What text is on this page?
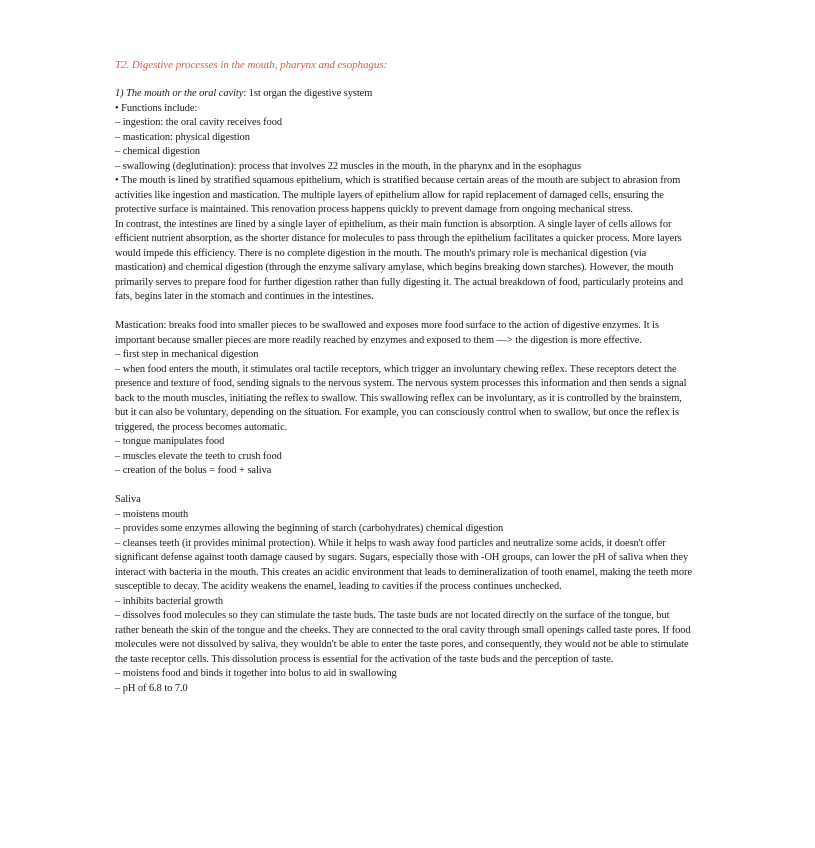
T2. Digestive processes in the mouth, pharynx and esophagus:

1) The mouth or the oral cavity: 1st organ the digestive system

• Functions include:

– ingestion: the oral cavity receives food

– mastication: physical digestion

– chemical digestion

– swallowing (deglutination): process that involves 22 muscles in the mouth, in the pharynx and in the esophagus

• The mouth is lined by stratified squamous epithelium, which is stratified because certain areas of the mouth are subject to abrasion from activities like ingestion and mastication. The multiple layers of epithelium allow for rapid replacement of damaged cells, ensuring the protective surface is maintained. This renovation process happens quickly to prevent damage from ongoing mechanical stress.

In contrast, the intestines are lined by a single layer of epithelium, as their main function is absorption. A single layer of cells allows for efficient nutrient absorption, as the shorter distance for molecules to pass through the epithelium facilitates a quicker process. More layers would impede this efficiency. There is no complete digestion in the mouth. The mouth's primary role is mechanical digestion (via mastication) and chemical digestion (through the enzyme salivary amylase, which begins breaking down starches). However, the mouth primarily serves to prepare food for further digestion rather than fully digesting it. The actual breakdown of food, particularly proteins and fats, begins later in the stomach and continues in the intestines.

Mastication: breaks food into smaller pieces to be swallowed and exposes more food surface to the action of digestive enzymes. It is important because smaller pieces are more readily reached by enzymes and exposed to them —> the digestion is more effective.

– first step in mechanical digestion

– when food enters the mouth, it stimulates oral tactile receptors, which trigger an involuntary chewing reflex. These receptors detect the presence and texture of food, sending signals to the nervous system. The nervous system processes this information and then sends a signal back to the mouth muscles, initiating the reflex to swallow. This swallowing reflex can be involuntary, as it is controlled by the brainstem, but it can also be voluntary, depending on the situation. For example, you can consciously control when to swallow, but once the reflex is triggered, the process becomes automatic.

– tongue manipulates food

– muscles elevate the teeth to crush food

– creation of the bolus = food + saliva

Saliva

– moistens mouth

– provides some enzymes allowing the beginning of starch (carbohydrates) chemical digestion

– cleanses teeth (it provides minimal protection). While it helps to wash away food particles and neutralize some acids, it doesn't offer significant defense against tooth damage caused by sugars. Sugars, especially those with -OH groups, can lower the pH of saliva when they interact with bacteria in the mouth. This creates an acidic environment that leads to demineralization of tooth enamel, making the teeth more susceptible to decay. The acidity weakens the enamel, leading to cavities if the process continues unchecked.

– inhibits bacterial growth

– dissolves food molecules so they can stimulate the taste buds. The taste buds are not located directly on the surface of the tongue, but rather beneath the skin of the tongue and the cheeks. They are connected to the oral cavity through small openings called taste pores. If food molecules were not dissolved by saliva, they wouldn't be able to enter the taste pores, and consequently, they would not be able to stimulate the taste receptor cells. This dissolution process is essential for the activation of the taste buds and the perception of taste.

– moistens food and binds it together into bolus to aid in swallowing

– pH of 6.8 to 7.0
